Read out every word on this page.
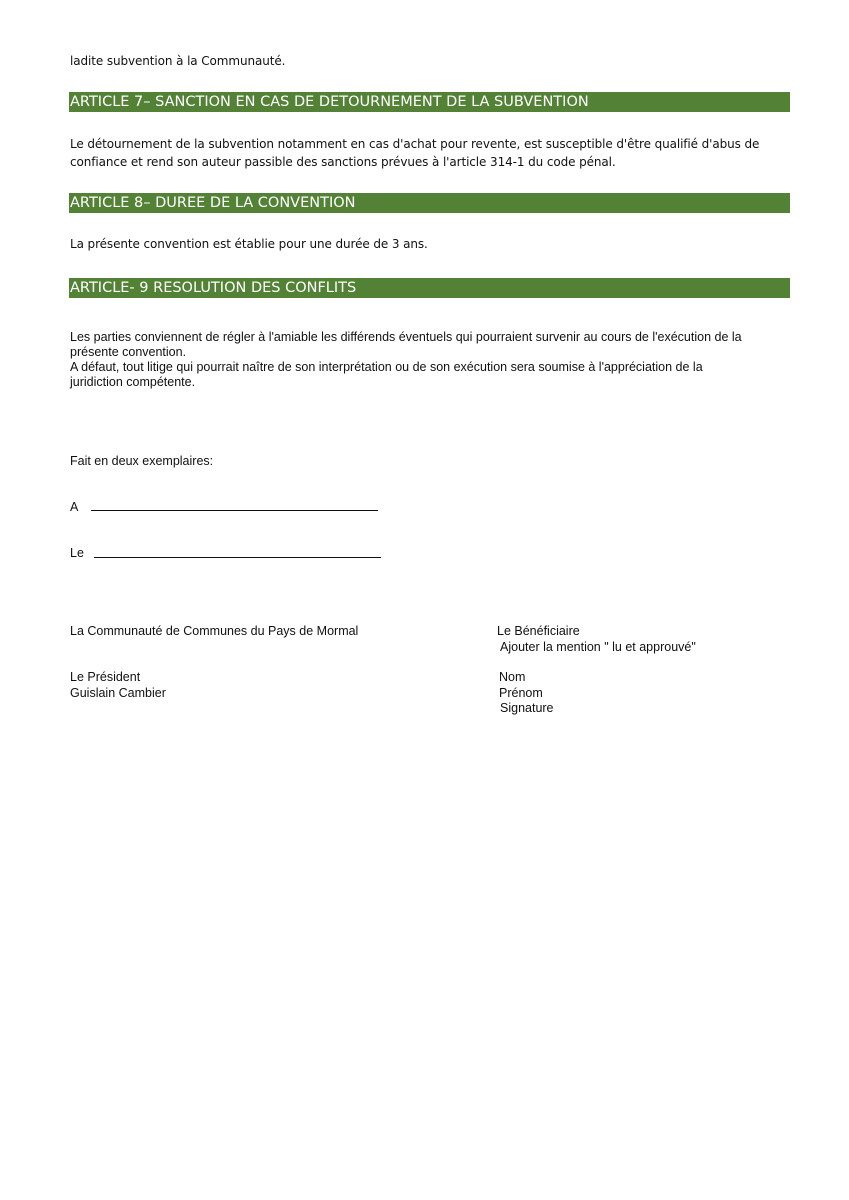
ladite subvention à la Communauté.

ARTICLE 7– SANCTION EN CAS DE DETOURNEMENT DE LA SUBVENTION
Le détournement de la subvention notamment en cas d'achat pour revente, est susceptible d'être qualifié d'abus de
confiance et rend son auteur passible des sanctions prévues à l'article 314-1 du code pénal.
ARTICLE 8– DUREE DE LA CONVENTION

La présente convention est établie pour une durée de 3 ans.

ARTICLE- 9 RESOLUTION DES CONFLITS
Les parties conviennent de régler à l'amiable les différends éventuels qui pourraient survenir au cours de l'exécution de la
présente convention.
A défaut, tout litige qui pourrait naître de son interprétation ou de son exécution sera soumise à l'appréciation de la
juridiction compétente.

Fait en deux exemplaires:

A

Le

La Communauté de Communes du Pays de Mormal

Le Président

Guislain Cambier

Le Bénéficiaire

Ajouter la mention " lu et approuvé"

Nom

Prénom

Signature
